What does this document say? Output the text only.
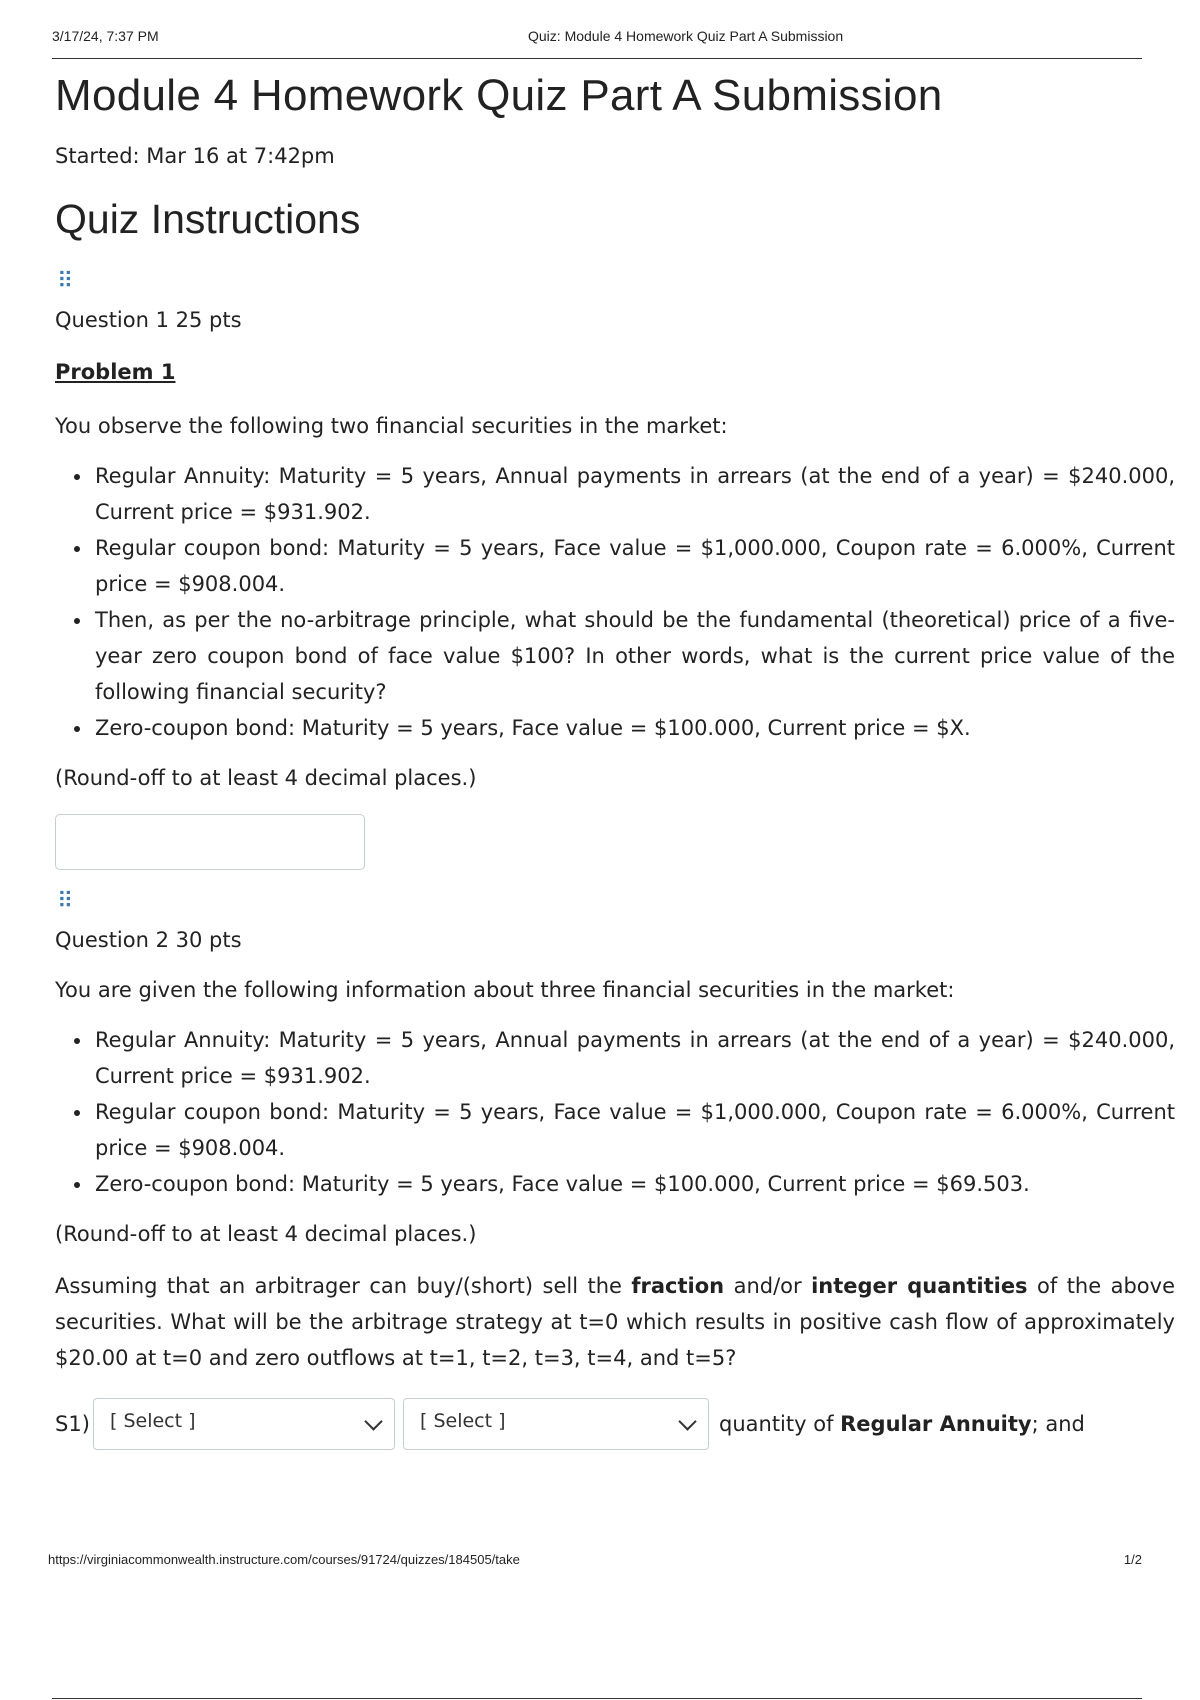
3/17/24, 7:37 PM	Quiz: Module 4 Homework Quiz Part A Submission
Module 4 Homework Quiz Part A Submission
Started: Mar 16 at 7:42pm
Quiz Instructions
⠿
Question 1 25 pts
Problem 1
You observe the following two financial securities in the market:
• Regular Annuity: Maturity = 5 years, Annual payments in arrears (at the end of a year) = $240.000, Current price = $931.902.
• Regular coupon bond: Maturity = 5 years, Face value = $1,000.000, Coupon rate = 6.000%, Current price = $908.004.
• Then, as per the no-arbitrage principle, what should be the fundamental (theoretical) price of a five-year zero coupon bond of face value $100? In other words, what is the current price value of the following financial security?
• Zero-coupon bond: Maturity = 5 years, Face value = $100.000, Current price = $X.
(Round-off to at least 4 decimal places.)
⠿
Question 2 30 pts
You are given the following information about three financial securities in the market:
• Regular Annuity: Maturity = 5 years, Annual payments in arrears (at the end of a year) = $240.000, Current price = $931.902.
• Regular coupon bond: Maturity = 5 years, Face value = $1,000.000, Coupon rate = 6.000%, Current price = $908.004.
• Zero-coupon bond: Maturity = 5 years, Face value = $100.000, Current price = $69.503.
(Round-off to at least 4 decimal places.)
Assuming that an arbitrager can buy/(short) sell the fraction and/or integer quantities of the above securities. What will be the arbitrage strategy at t=0 which results in positive cash flow of approximately $20.00 at t=0 and zero outflows at t=1, t=2, t=3, t=4, and t=5?
S1) [ Select ]	[ Select ]	quantity of Regular Annuity; and
https://virginiacommonwealth.instructure.com/courses/91724/quizzes/184505/take	1/2
